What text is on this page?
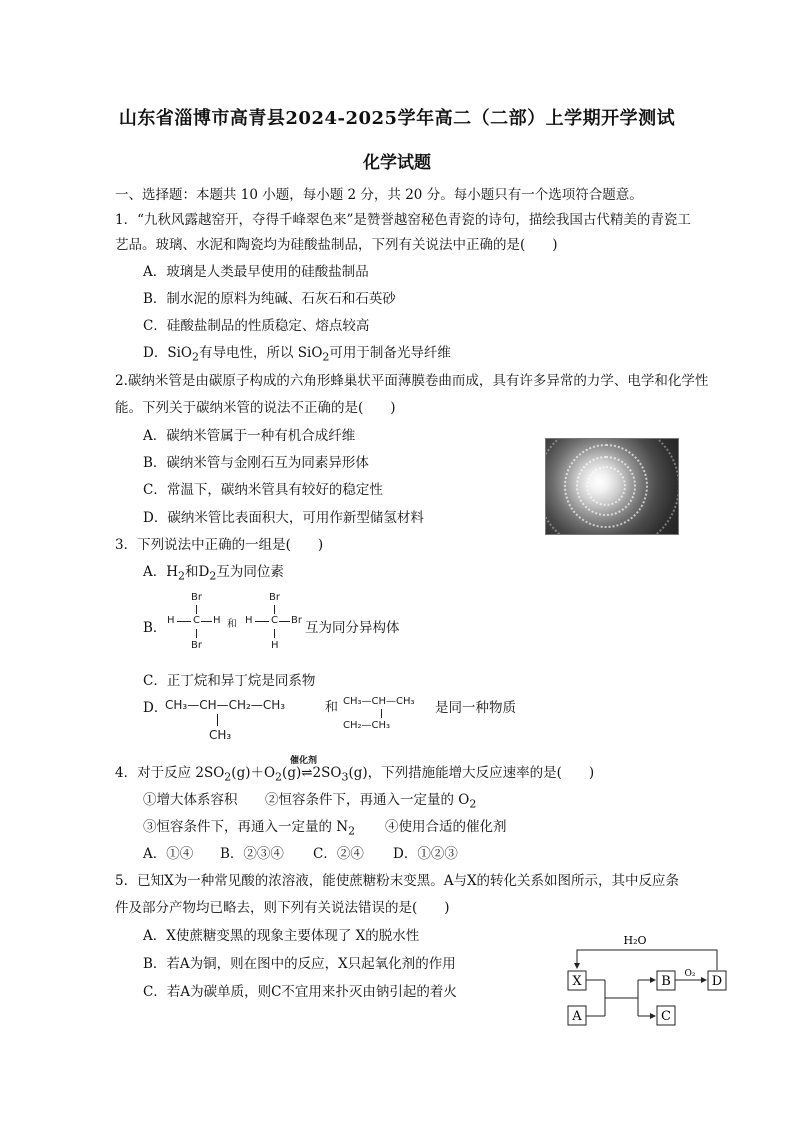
山东省淄博市高青县2024-2025学年高二（二部）上学期开学测试
化学试题
一、选择题：本题共 10 小题，每小题 2 分，共 20 分。每小题只有一个选项符合题意。
1．“九秋风露越窑开，夺得千峰翠色来”是赞誉越窑秘色青瓷的诗句，描绘我国古代精美的青瓷工
艺品。玻璃、水泥和陶瓷均为硅酸盐制品，下列有关说法中正确的是(　　)
A．玻璃是人类最早使用的硅酸盐制品
B．制水泥的原料为纯碱、石灰石和石英砂
C．硅酸盐制品的性质稳定、熔点较高
D．SiO$_2$有导电性，所以 SiO$_2$可用于制备光导纤维
2.碳纳米管是由碳原子构成的六角形蜂巢状平面薄膜卷曲而成，具有许多异常的力学、电学和化学性
能。下列关于碳纳米管的说法不正确的是(　　)
A．碳纳米管属于一种有机合成纤维
B．碳纳米管与金刚石互为同素异形体
C．常温下，碳纳米管具有较好的稳定性
D．碳纳米管比表面积大，可用作新型储氢材料
3．下列说法中正确的一组是(　　)
A．$H_2$和$D_2$互为同位素
B．
Br
H C H
Br
和
Br
H C Br
H
互为同分异构体
C．正丁烷和异丁烷是同系物
D．
CH₃—CH—CH₂—CH₃
CH₃
和 CH₃—CH—CH₃
CH₂—CH₃
是同一种物质
催化剂
4．对于反应 $2SO_2(g)+O_2(g)\rightleftharpoons 2SO_3(g)$，下列措施能增大反应速率的是(　　)
①增大体系容积 ②恒容条件下，再通入一定量的 $O_2$
③恒容条件下，再通入一定量的 $N_2$ ④使用合适的催化剂
A．①④ B．②③④ C．②④ D．①②③
5．已知X为一种常见酸的浓溶液，能使蔗糖粉末变黑。A与X的转化关系如图所示，其中反应条
件及部分产物均已略去，则下列有关说法错误的是(　　)
A．X使蔗糖变黑的现象主要体现了 X的脱水性
B．若A为铜，则在图中的反应，X只起氧化剂的作用
C．若A为碳单质，则C不宜用来扑灭由钠引起的着火
H₂O
X
A
B
C
D
O₂
